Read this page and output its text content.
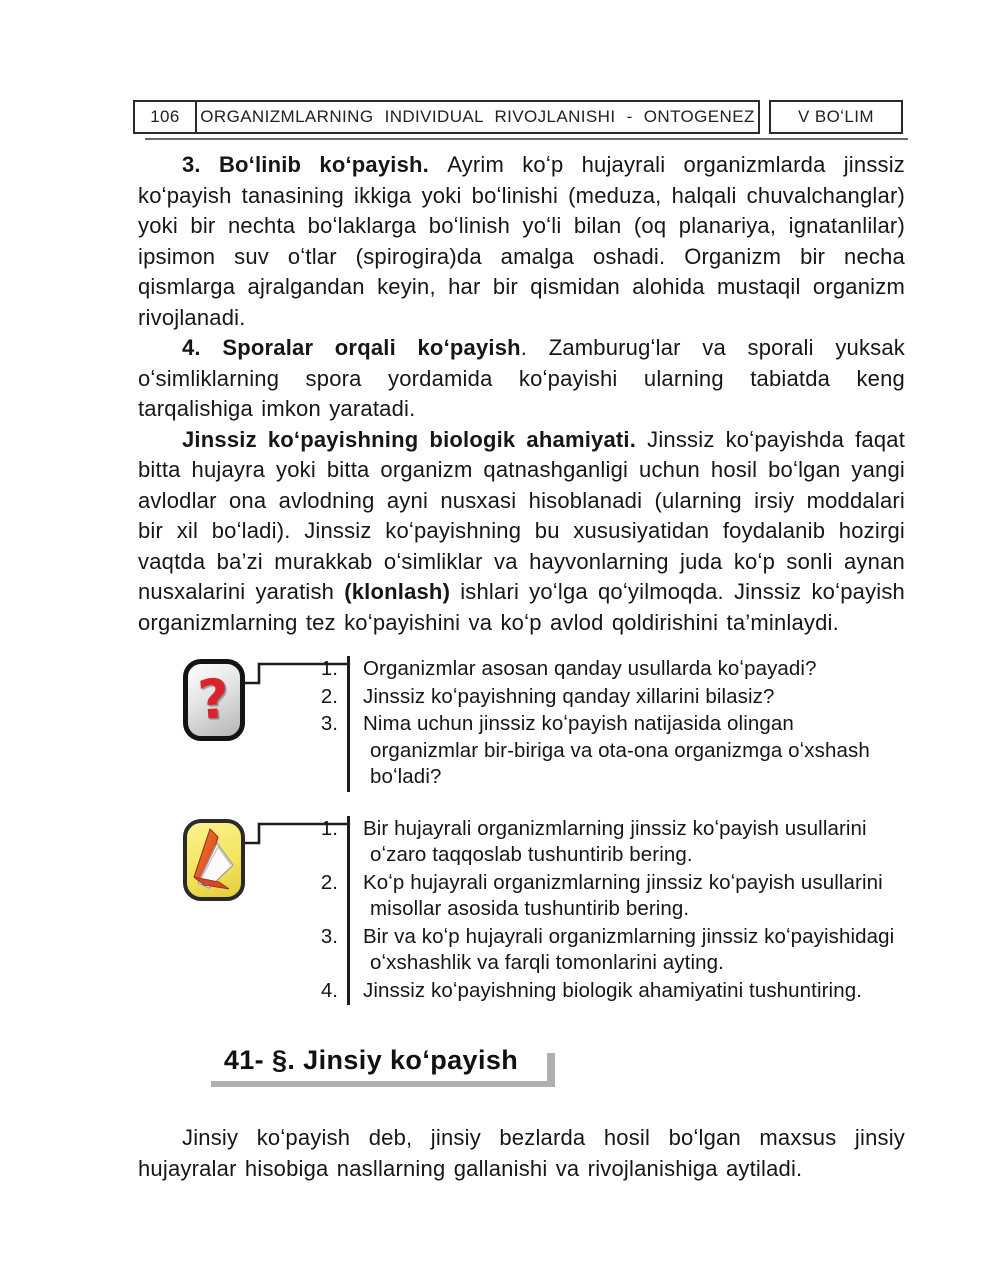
106	ORGANIZMLARNING INDIVIDUAL RIVOJLANISHI - ONTOGENEZ	V BOʻLIM

3. Boʻlinib koʻpayish. Ayrim koʻp hujayrali organizmlarda jinssiz koʻpayish tanasining ikkiga yoki boʻlinishi (meduza, halqali chuvalchanglar) yoki bir nechta boʻlaklarga boʻlinish yoʻli bilan (oq planariya, ignatanlilar) ipsimon suv oʻtlar (spirogira)da amalga oshadi. Organizm bir necha qismlarga ajralgandan keyin, har bir qismidan alohida mustaqil organizm rivojlanadi.

4. Sporalar orqali koʻpayish. Zamburugʻlar va sporali yuksak oʻsimliklarning spora yordamida koʻpayishi ularning tabiatda keng tarqalishiga imkon yaratadi.

Jinssiz koʻpayishning biologik ahamiyati. Jinssiz koʻpayishda faqat bitta hujayra yoki bitta organizm qatnashganligi uchun hosil boʻlgan yangi avlodlar ona avlodning ayni nusxasi hisoblanadi (ularning irsiy moddalari bir xil boʻladi). Jinssiz koʻpayishning bu xususiyatidan foydalanib hozirgi vaqtda ba’zi murakkab oʻsimliklar va hayvonlarning juda koʻp sonli aynan nusxalarini yaratish (klonlash) ishlari yoʻlga qoʻyilmoqda. Jinssiz koʻpayish organizmlarning tez koʻpayishini va koʻp avlod qoldirishini ta’minlaydi.

?	1.	Organizmlar asosan qanday usullarda koʻpayadi?
2.	Jinssiz koʻpayishning qanday xillarini bilasiz?
3.	Nima uchun jinssiz koʻpayish natijasida olingan organizmlar bir-biriga va ota-ona organizmga oʻxshash boʻladi?
1.	Bir hujayrali organizmlarning jinssiz koʻpayish usullarini oʻzaro taqqoslab tushuntirib bering.
2.	Koʻp hujayrali organizmlarning jinssiz koʻpayish usullarini misollar asosida tushuntirib bering.
3.	Bir va koʻp hujayrali organizmlarning jinssiz koʻpayishidagi oʻxshashlik va farqli tomonlarini ayting.
4.	Jinssiz koʻpayishning biologik ahamiyatini tushuntiring.
41- §. Jinsiy koʻpayish

Jinsiy koʻpayish deb, jinsiy bezlarda hosil boʻlgan maxsus jinsiy hujayralar hisobiga nasllarning gallanishi va rivojlanishiga aytiladi.
